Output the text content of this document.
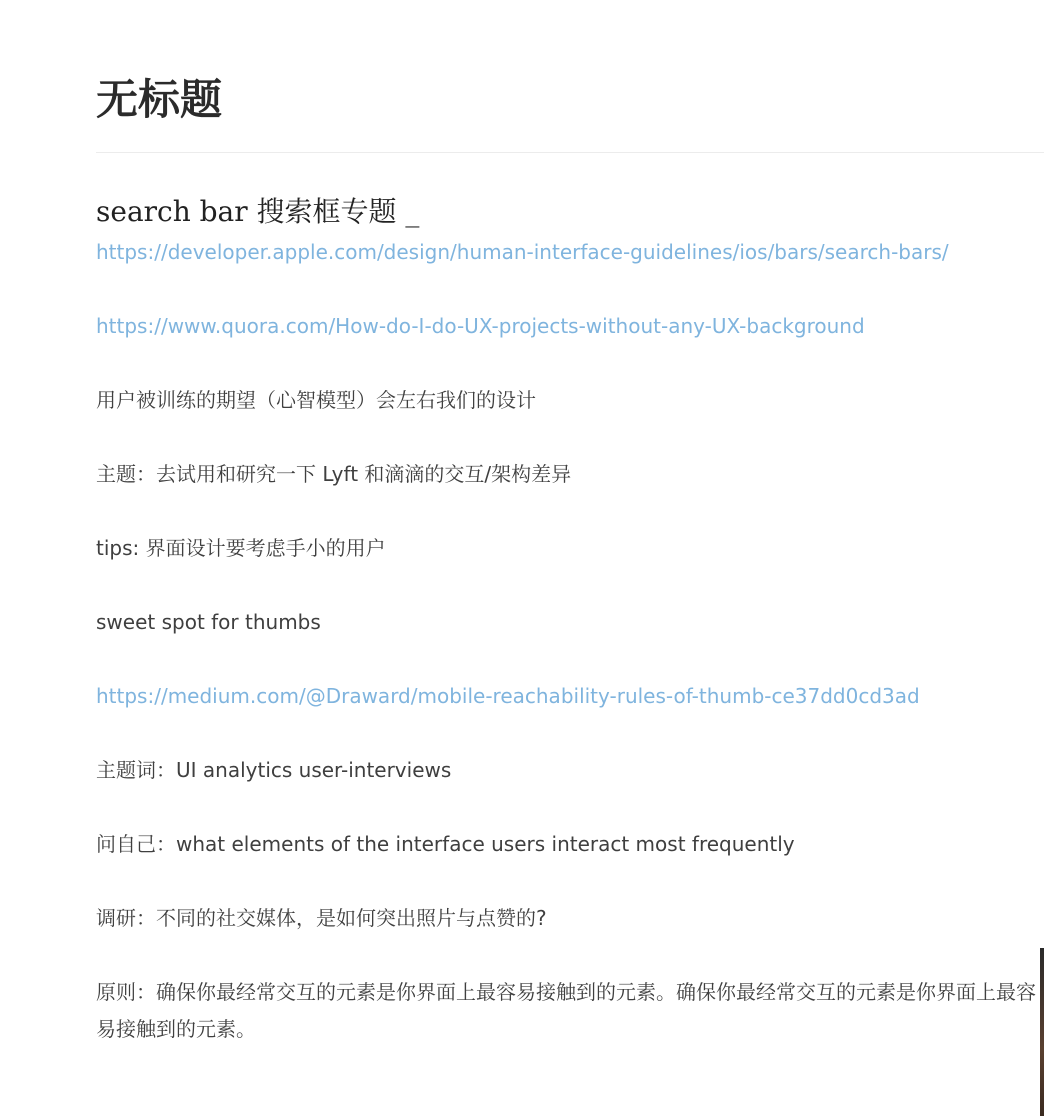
无标题
search bar 搜索框专题 _

https://developer.apple.com/design/human-interface-guidelines/ios/bars/search-bars/

https://www.quora.com/How-do-I-do-UX-projects-without-any-UX-background

用户被训练的期望（心智模型）会左右我们的设计

主题：去试用和研究一下 Lyft 和滴滴的交互/架构差异

tips: 界面设计要考虑手小的用户

sweet spot for thumbs

https://medium.com/@Draward/mobile-reachability-rules-of-thumb-ce37dd0cd3ad

主题词：UI analytics user-interviews

问自己：what elements of the interface users interact most frequently

调研：不同的社交媒体，是如何突出照片与点赞的?

原则：确保你最经常交互的元素是你界面上最容易接触到的元素。确保你最经常交互的元素是你界面上最容易接触到的元素。
